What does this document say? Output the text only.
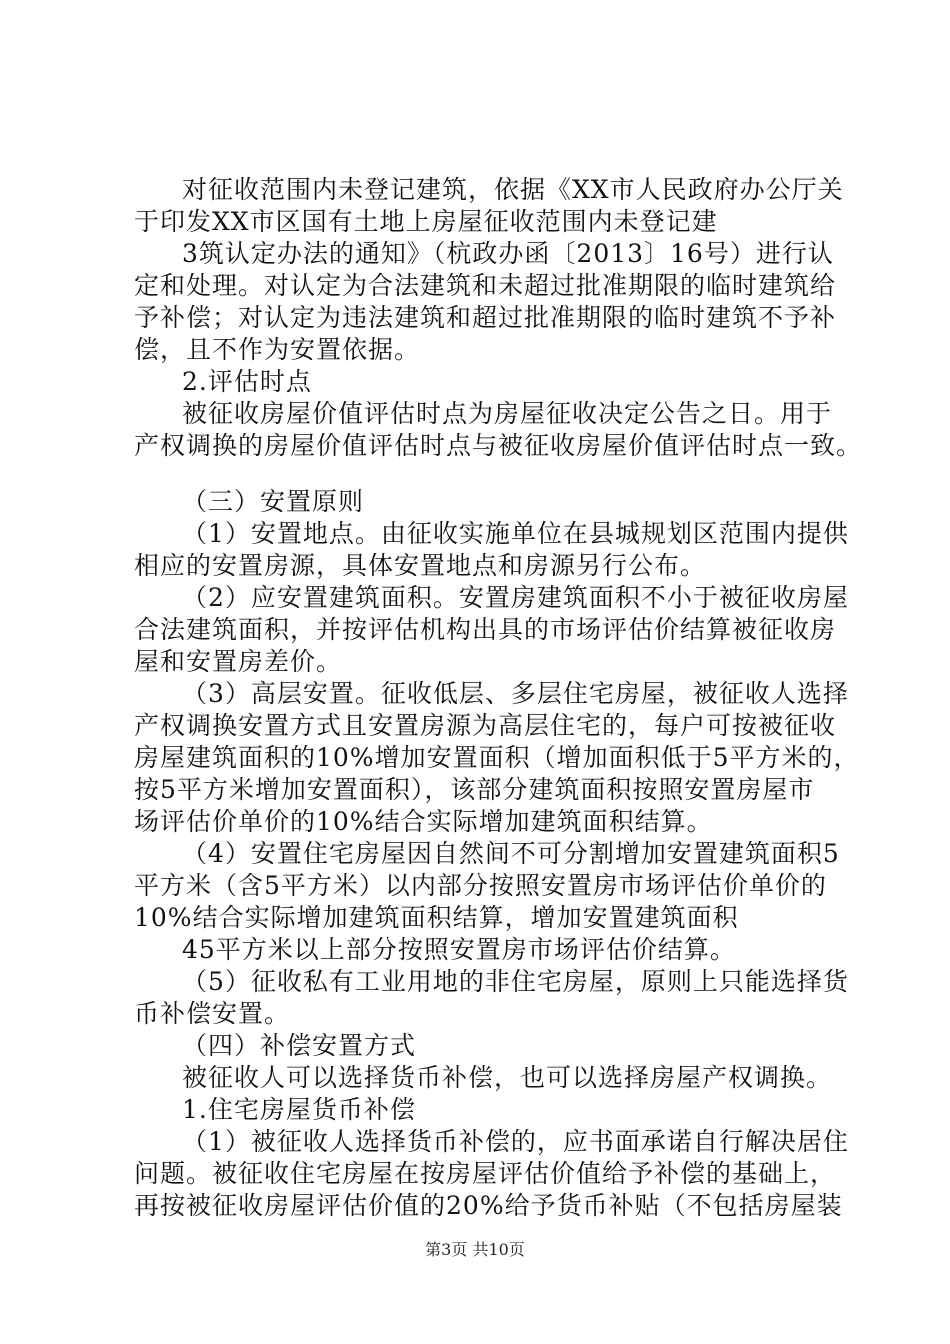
对征收范围内未登记建筑，依据《XX市人民政府办公厅关
于印发XX市区国有土地上房屋征收范围内未登记建
3筑认定办法的通知》（杭政办函〔2013〕16号）进行认
定和处理。对认定为合法建筑和未超过批准期限的临时建筑给
予补偿；对认定为违法建筑和超过批准期限的临时建筑不予补
偿，且不作为安置依据。
2.评估时点
被征收房屋价值评估时点为房屋征收决定公告之日。用于
产权调换的房屋价值评估时点与被征收房屋价值评估时点一致。
（三）安置原则
（1）安置地点。由征收实施单位在县城规划区范围内提供
相应的安置房源，具体安置地点和房源另行公布。
（2）应安置建筑面积。安置房建筑面积不小于被征收房屋
合法建筑面积，并按评估机构出具的市场评估价结算被征收房
屋和安置房差价。
（3）高层安置。征收低层、多层住宅房屋，被征收人选择
产权调换安置方式且安置房源为高层住宅的，每户可按被征收
房屋建筑面积的10%增加安置面积（增加面积低于5平方米的，
按5平方米增加安置面积），该部分建筑面积按照安置房屋市
场评估价单价的10%结合实际增加建筑面积结算。
（4）安置住宅房屋因自然间不可分割增加安置建筑面积5
平方米（含5平方米）以内部分按照安置房市场评估价单价的
10%结合实际增加建筑面积结算，增加安置建筑面积
45平方米以上部分按照安置房市场评估价结算。
（5）征收私有工业用地的非住宅房屋，原则上只能选择货
币补偿安置。
（四）补偿安置方式
被征收人可以选择货币补偿，也可以选择房屋产权调换。
1.住宅房屋货币补偿
（1）被征收人选择货币补偿的，应书面承诺自行解决居住
问题。被征收住宅房屋在按房屋评估价值给予补偿的基础上，
再按被征收房屋评估价值的20%给予货币补贴（不包括房屋装
第3页 共10页
